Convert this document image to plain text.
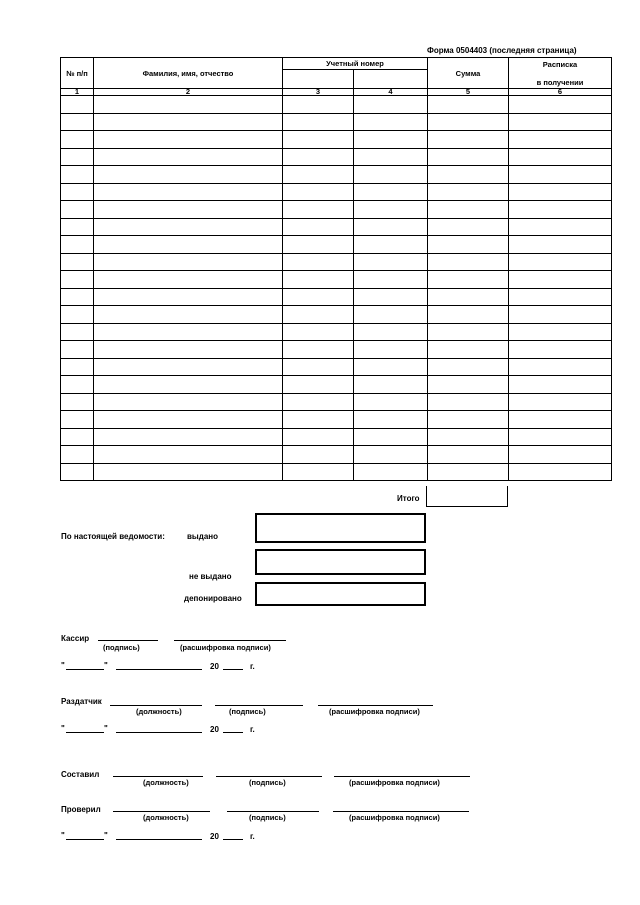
Форма 0504403 (последняя страница)
№ п/п	Фамилия, имя, отчество	Учетный номер		Сумма	Расписка
в получении

1	2	3	4	5	6

Итого
По настоящей ведомости:	выдано
не выдано
депонировано
Кассир
(подпись)	(расшифровка подписи)
"	"	20	г.
Раздатчик
(должность)	(подпись)	(расшифровка подписи)
"	"	20	г.
Составил
(должность)	(подпись)	(расшифровка подписи)
Проверил
(должность)	(подпись)	(расшифровка подписи)
"	"	20	г.
